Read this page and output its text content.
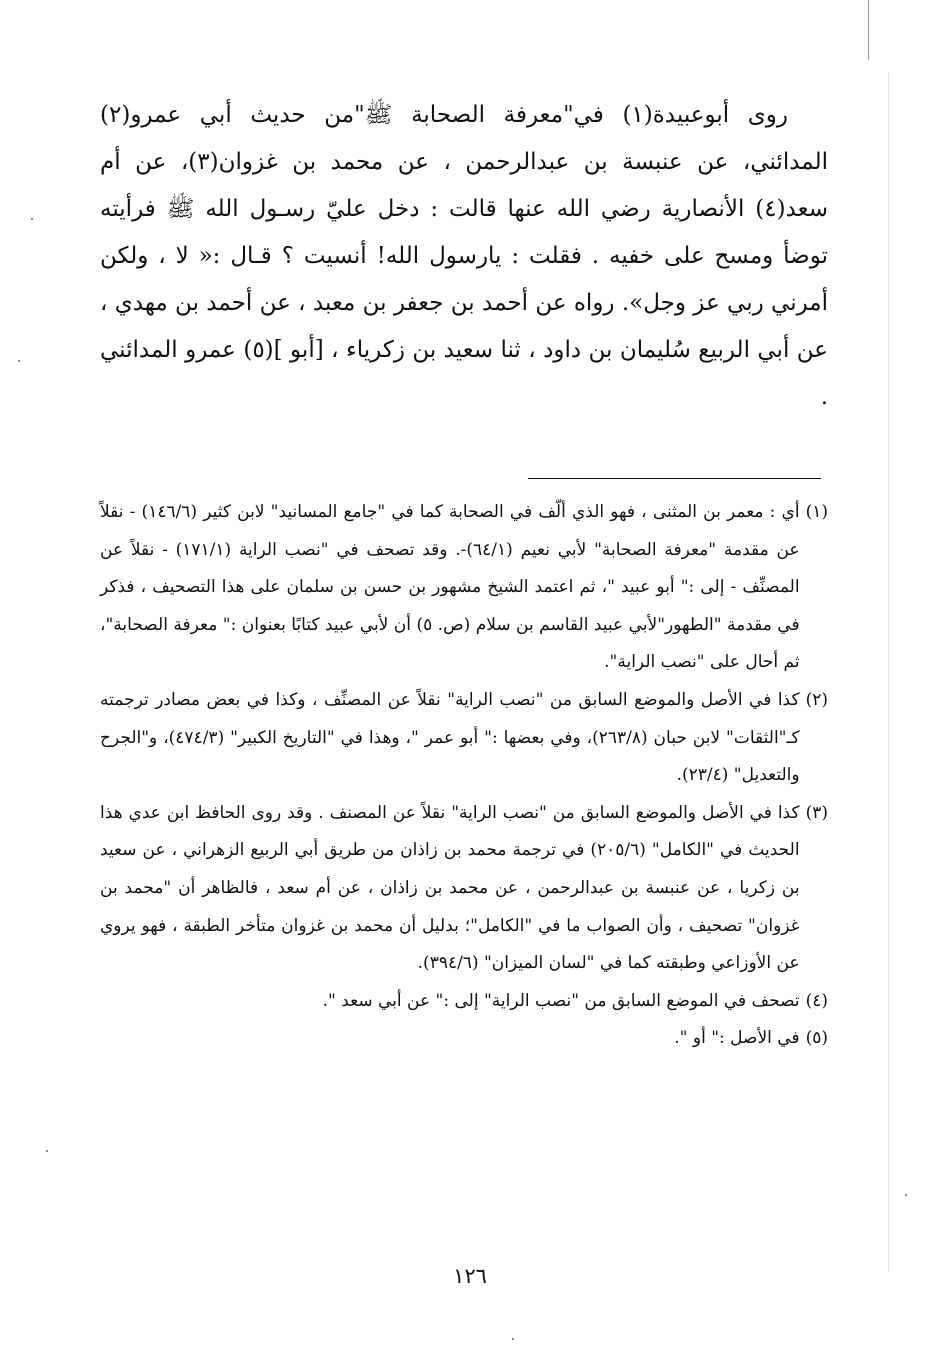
روى أبوعبيدة(١) في"معرفة الصحابة ﷺ"من حديث أبي عمرو(٢) المدائني، عن عنبسة بن عبدالرحمن ، عن محمد بن غزوان(٣)، عن أم سعد(٤) الأنصارية رضي الله عنها قالت : دخل عليّ رسـول الله ﷺ فرأيته توضأ ومسح على خفيه . فقلت : يارسول الله! أنسيت ؟ قـال :« لا ، ولكن أمرني ربي عز وجل». رواه عن أحمد بن جعفر بن معبد ، عن أحمد بن مهدي ، عن أبي الربيع سُليمان بن داود ، ثنا سعيد بن زكرياء ، [أبو ](٥) عمرو المدائني .

(١)
أي : معمر بن المثنى ، فهو الذي ألّف في الصحابة كما في "جامع المسانيد" لابن كثير (١٤٦/٦) - نقلاً عن مقدمة "معرفة الصحابة" لأبي نعيم (٦٤/١)-. وقد تصحف في "نصب الراية (١٧١/١) - نقلاً عن المصنِّف - إلى :" أبو عبيد "، ثم اعتمد الشيخ مشهور بن حسن بن سلمان على هذا التصحيف ، فذكر في مقدمة "الطهور"لأبي عبيد القاسم بن سلام (ص. ٥) أن لأبي عبيد كتابًا بعنوان :" معرفة الصحابة"، ثم أحال على "نصب الراية".
(٢)
كذا في الأصل والموضع السابق من "نصب الراية" نقلاً عن المصنِّف ، وكذا في بعض مصادر ترجمته كـ"الثقات" لابن حبان (٢٦٣/٨)، وفي بعضها :" أبو عمر "، وهذا في "التاريخ الكبير" (٤٧٤/٣)، و"الجرح والتعديل" (٢٣/٤).
(٣)
كذا في الأصل والموضع السابق من "نصب الراية" نقلاً عن المصنف . وقد روى الحافظ ابن عدي هذا الحديث في "الكامل" (٢٠٥/٦) في ترجمة محمد بن زاذان من طريق أبي الربيع الزهراني ، عن سعيد بن زكريا ، عن عنبسة بن عبدالرحمن ، عن محمد بن زاذان ، عن أم سعد ، فالظاهر أن "محمد بن غزوان" تصحيف ، وأن الصواب ما في "الكامل"؛ بدليل أن محمد بن غزوان متأخر الطبقة ، فهو يروي عن الأوزاعي وطبقته كما في "لسان الميزان" (٣٩٤/٦).
(٤)
تصحف في الموضع السابق من "نصب الراية" إلى :" عن أبي سعد ".
(٥)
في الأصل :" أو ".
١٢٦
